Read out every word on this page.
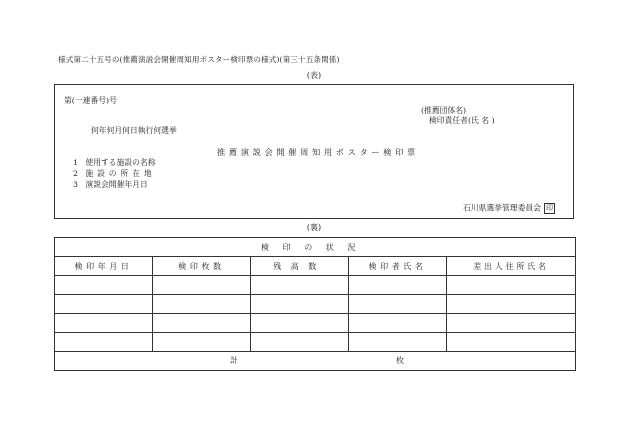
様式第二十五号の(推薦演説会開催周知用ポスター検印票の様式)(第三十五条関係)
(表)
第(一連番号)号
(推薦団体名)
検印責任者(氏 名 )
何年何月何日執行何選挙
推薦演説会開催周知用ポスター検印票
1 使用する施設の名称
2 施設の所在地
3 演説会開催年月日
石川県選挙管理委員会 印
(裏)
検印の状況				
検印年月日	検印枚数	残高数	検印者氏名	差出人住所氏名

計 枚				
